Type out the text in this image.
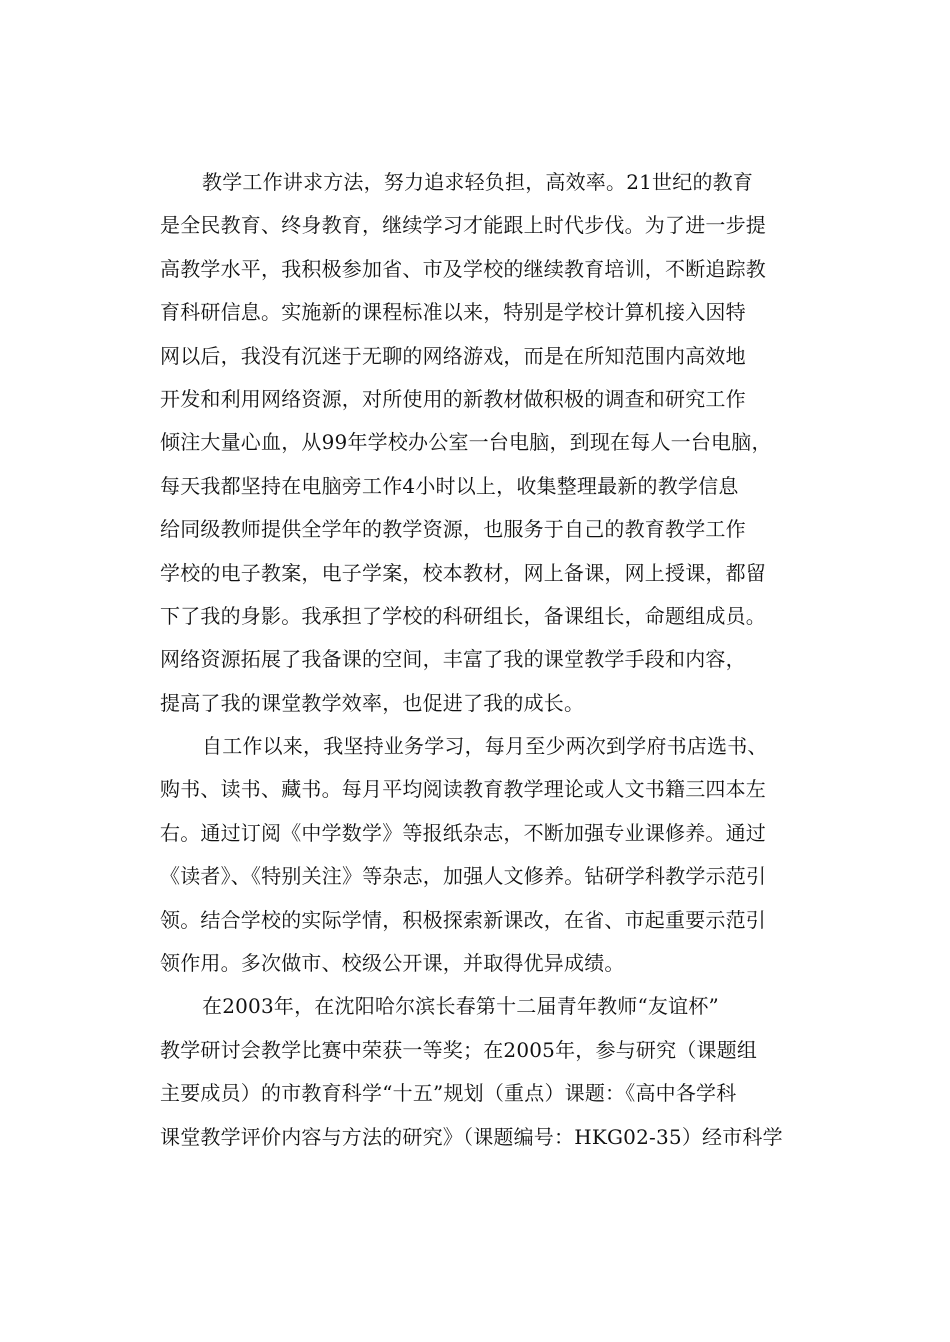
教学工作讲求方法，努力追求轻负担，高效率。21世纪的教育
是全民教育、终身教育，继续学习才能跟上时代步伐。为了进一步提
高教学水平，我积极参加省、市及学校的继续教育培训，不断追踪教
育科研信息。实施新的课程标准以来，特别是学校计算机接入因特
网以后，我没有沉迷于无聊的网络游戏，而是在所知范围内高效地
开发和利用网络资源，对所使用的新教材做积极的调查和研究工作
倾注大量心血，从99年学校办公室一台电脑，到现在每人一台电脑，
每天我都坚持在电脑旁工作4小时以上，收集整理最新的教学信息
给同级教师提供全学年的教学资源，也服务于自己的教育教学工作
学校的电子教案，电子学案，校本教材，网上备课，网上授课，都留
下了我的身影。我承担了学校的科研组长，备课组长，命题组成员。
网络资源拓展了我备课的空间，丰富了我的课堂教学手段和内容，
提高了我的课堂教学效率，也促进了我的成长。
自工作以来，我坚持业务学习，每月至少两次到学府书店选书、
购书、读书、藏书。每月平均阅读教育教学理论或人文书籍三四本左
右。通过订阅《中学数学》等报纸杂志，不断加强专业课修养。通过
《读者》、《特别关注》等杂志，加强人文修养。钻研学科教学示范引
领。结合学校的实际学情，积极探索新课改，在省、市起重要示范引
领作用。多次做市、校级公开课，并取得优异成绩。
在2003年，在沈阳哈尔滨长春第十二届青年教师“友谊杯”
教学研讨会教学比赛中荣获一等奖；在2005年，参与研究（课题组
主要成员）的市教育科学“十五”规划（重点）课题：《高中各学科
课堂教学评价内容与方法的研究》（课题编号：HKG02-35）经市科学
